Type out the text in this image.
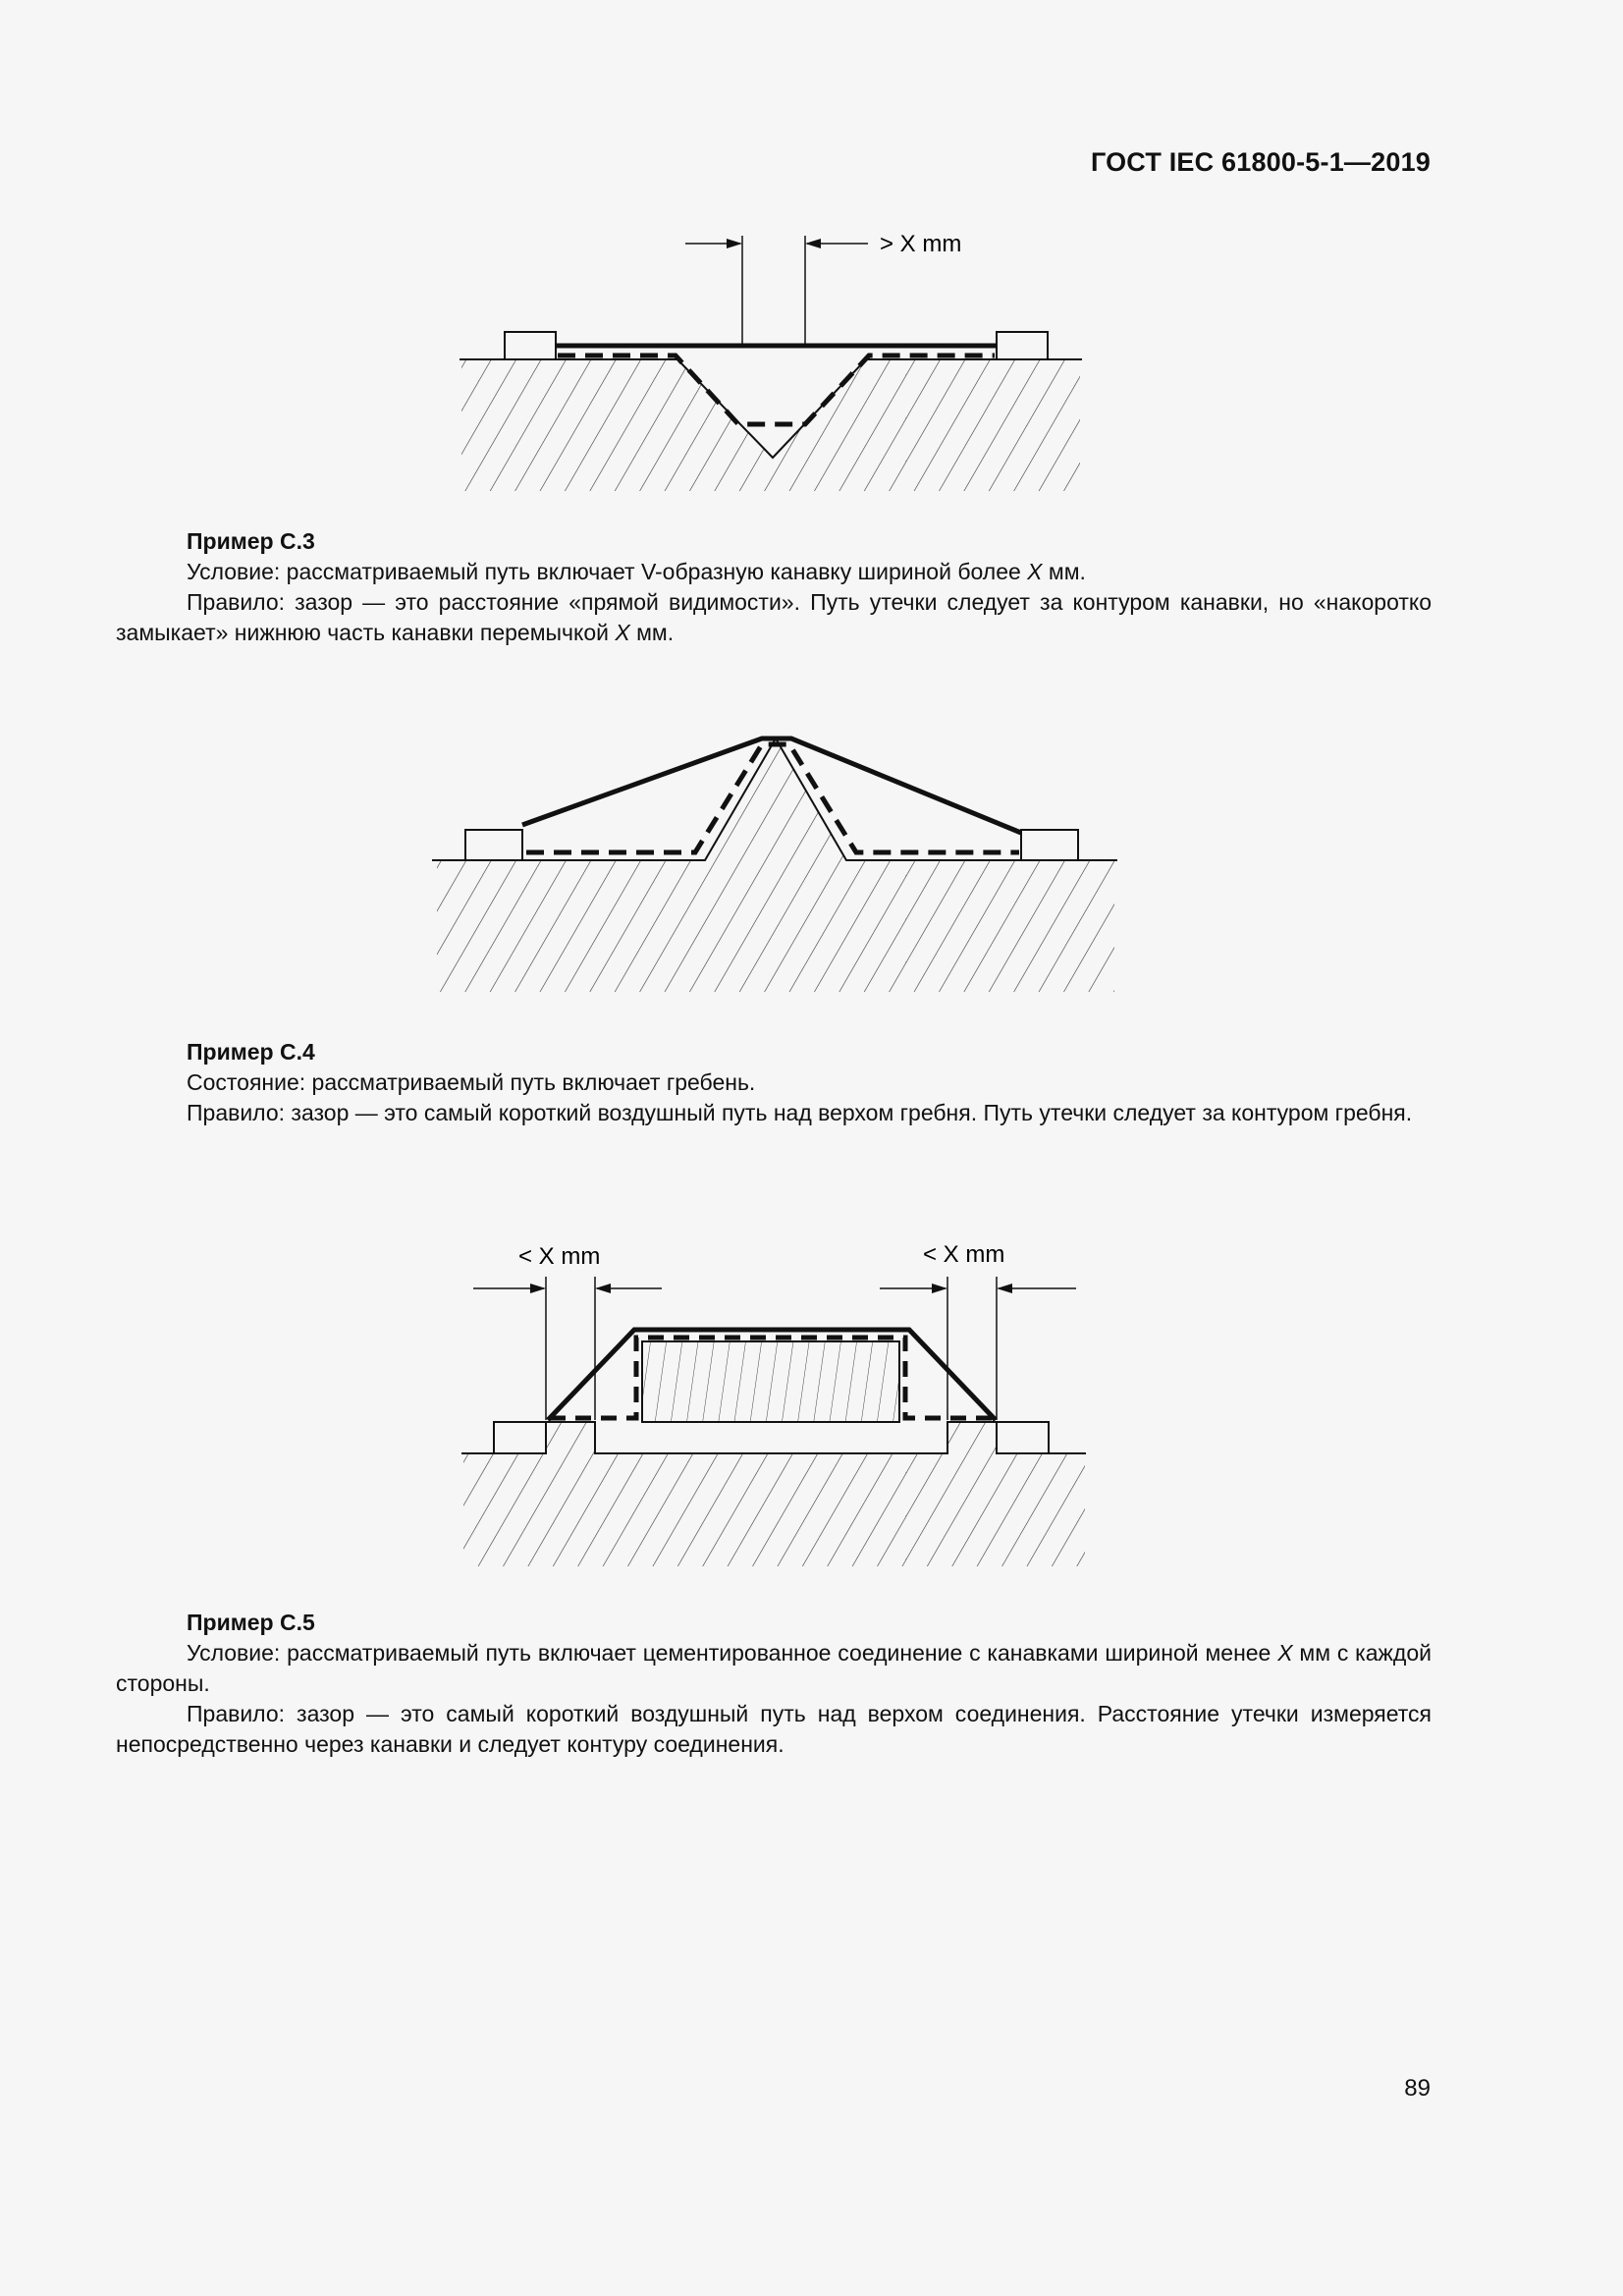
ГОСТ IEC 61800-5-1—2019
> X mm
Пример С.3
Условие: рассматриваемый путь включает V-образную канавку шириной более X мм.
Правило: зазор — это расстояние «прямой видимости». Путь утечки следует за контуром канавки, но «накоротко замыкает» нижнюю часть канавки перемычкой X мм.
Пример С.4
Состояние: рассматриваемый путь включает гребень.
Правило: зазор — это самый короткий воздушный путь над верхом гребня. Путь утечки следует за контуром гребня.
< X mm	< X mm
Пример С.5
Условие: рассматриваемый путь включает цементированное соединение с канавками шириной менее X мм с каждой стороны.
Правило: зазор — это самый короткий воздушный путь над верхом соединения. Расстояние утечки измеряется непосредственно через канавки и следует контуру соединения.
89
